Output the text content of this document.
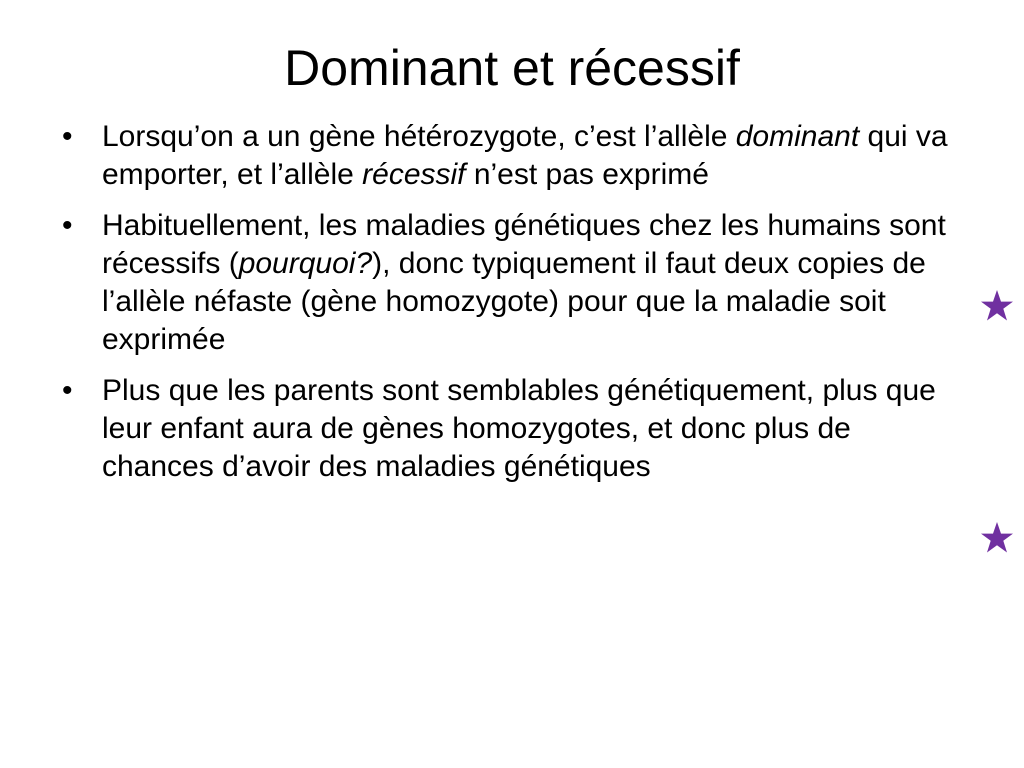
Dominant et récessif
• Lorsqu’on a un gène hétérozygote, c’est l’allèle dominant qui va emporter, et l’allèle récessif n’est pas exprimé
• Habituellement, les maladies génétiques chez les humains sont récessifs (pourquoi?), donc typiquement il faut deux copies de l’allèle néfaste (gène homozygote) pour que la maladie soit exprimée
• Plus que les parents sont semblables génétiquement, plus que leur enfant aura de gènes homozygotes, et donc plus de chances d’avoir des maladies génétiques
